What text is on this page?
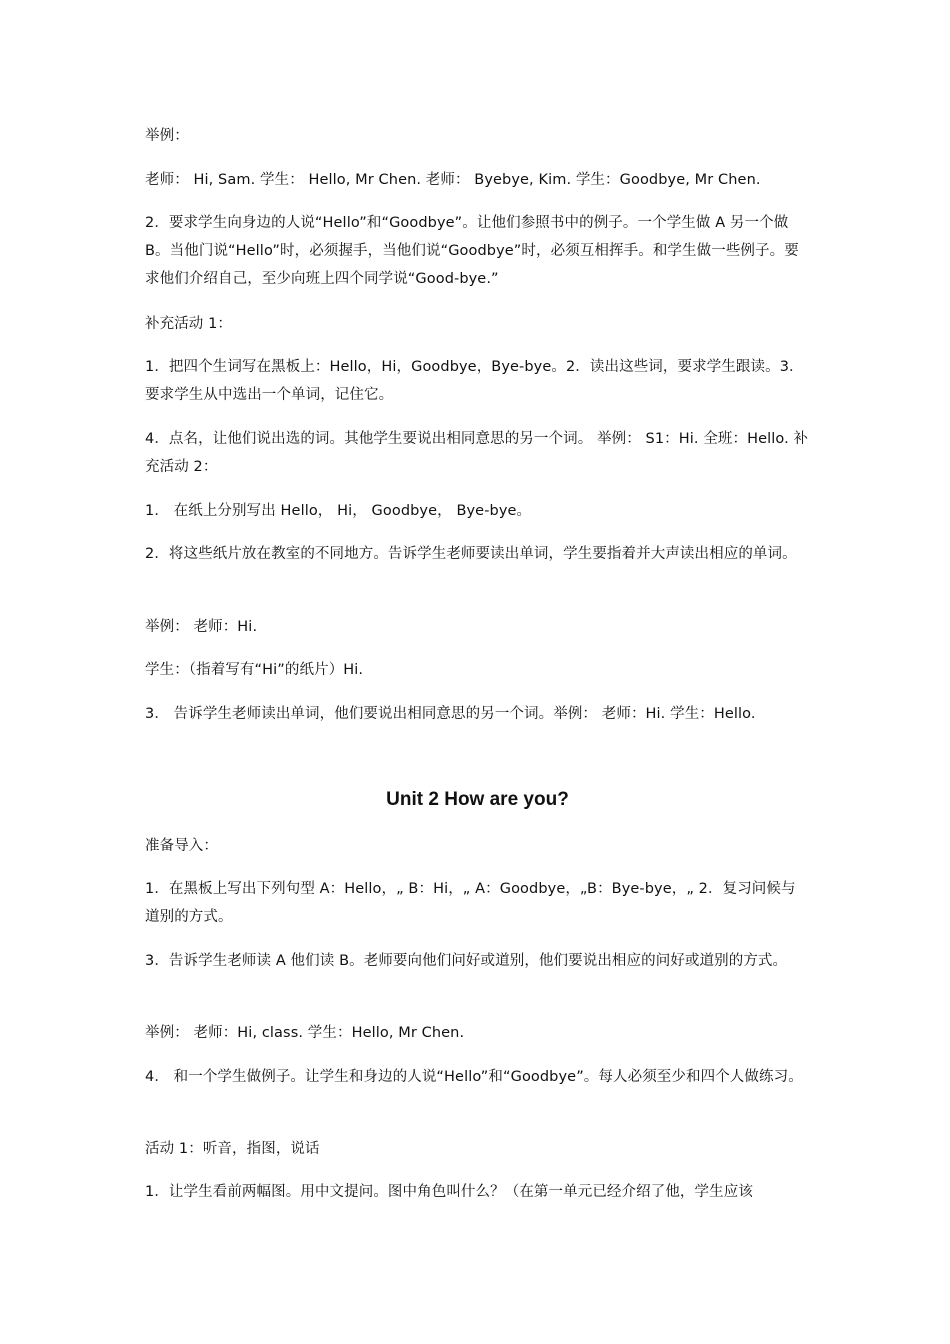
举例：

老师： Hi, Sam. 学生： Hello, Mr Chen. 老师： Byebye, Kim. 学生：Goodbye, Mr Chen.

2．要求学生向身边的人说“Hello”和“Goodbye”。让他们参照书中的例子。一个学生做 A 另一个做 B。当他门说“Hello”时，必须握手，当他们说“Goodbye”时，必须互相挥手。和学生做一些例子。要求他们介绍自己，至少向班上四个同学说“Good-bye.”

补充活动 1：

1．把四个生词写在黑板上：Hello，Hi，Goodbye，Bye-bye。2．读出这些词，要求学生跟读。3．要求学生从中选出一个单词，记住它。

4．点名，让他们说出选的词。其他学生要说出相同意思的另一个词。 举例： S1：Hi. 全班：Hello. 补充活动 2：

1． 在纸上分别写出 Hello， Hi， Goodbye， Bye-bye。

2．将这些纸片放在教室的不同地方。告诉学生老师要读出单词，学生要指着并大声读出相应的单词。

举例： 老师：Hi.

学生：（指着写有“Hi”的纸片）Hi.

3． 告诉学生老师读出单词，他们要说出相同意思的另一个词。举例： 老师：Hi. 学生：Hello.

Unit 2 How are you?

准备导入：

1．在黑板上写出下列句型 A：Hello，„ B：Hi，„ A：Goodbye，„B：Bye-bye，„ 2．复习问候与道别的方式。

3．告诉学生老师读 A 他们读 B。老师要向他们问好或道别，他们要说出相应的问好或道别的方式。

举例： 老师：Hi, class. 学生：Hello, Mr Chen.

4． 和一个学生做例子。让学生和身边的人说“Hello”和“Goodbye”。每人必须至少和四个人做练习。

活动 1：听音，指图，说话

1．让学生看前两幅图。用中文提问。图中角色叫什么？（在第一单元已经介绍了他，学生应该
